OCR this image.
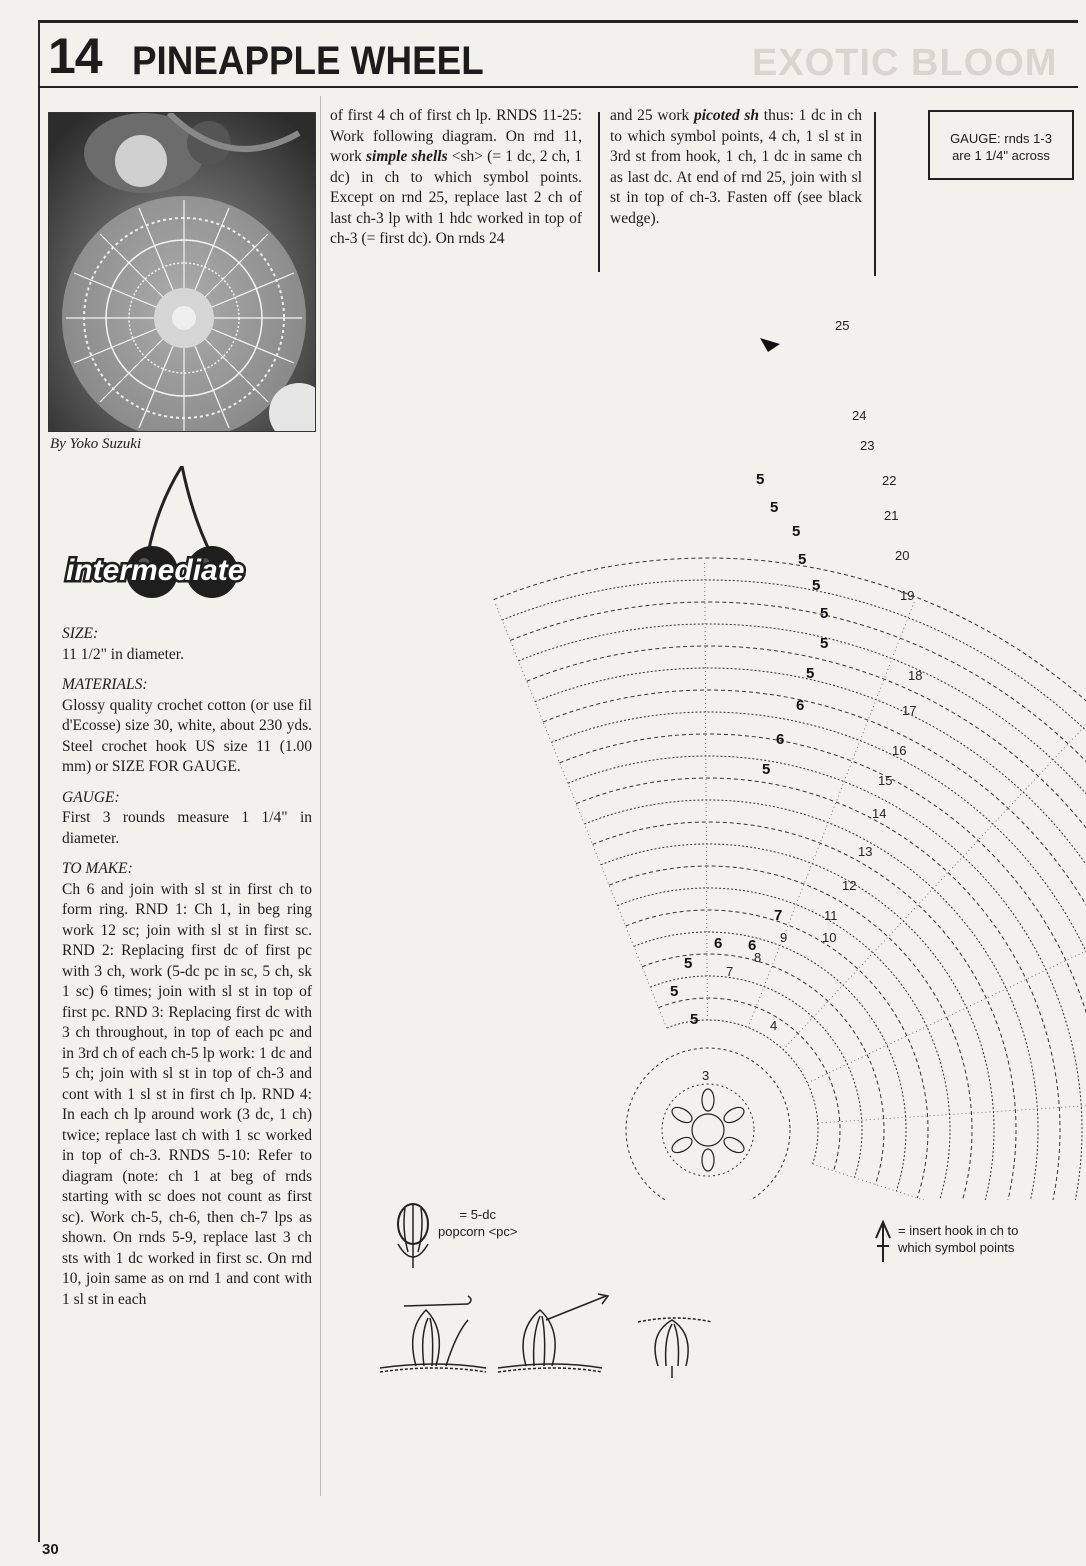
14 PINEAPPLE WHEEL	EXOTIC BLOOM
By Yoko Suzuki
intermediate
SIZE:

11 1/2" in diameter.

MATERIALS:

Glossy quality crochet cotton (or use fil d'Ecosse) size 30, white, about 230 yds. Steel crochet hook US size 11 (1.00 mm) or SIZE FOR GAUGE.

GAUGE:

First 3 rounds measure 1 1/4" in diameter.

TO MAKE:

Ch 6 and join with sl st in first ch to form ring. RND 1: Ch 1, in beg ring work 12 sc; join with sl st in first sc. RND 2: Replacing first dc of first pc with 3 ch, work (5-dc pc in sc, 5 ch, sk 1 sc) 6 times; join with sl st in top of first pc. RND 3: Replacing first dc with 3 ch throughout, in top of each pc and in 3rd ch of each ch-5 lp work: 1 dc and 5 ch; join with sl st in top of ch-3 and cont with 1 sl st in first ch lp. RND 4: In each ch lp around work (3 dc, 1 ch) twice; replace last ch with 1 sc worked in top of ch-3. RNDS 5-10: Refer to diagram (note: ch 1 at beg of rnds starting with sc does not count as first sc). Work ch-5, ch-6, then ch-7 lps as shown. On rnds 5-9, replace last 3 ch sts with 1 dc worked in first sc. On rnd 10, join same as on rnd 1 and cont with 1 sl st in each

of first 4 ch of first ch lp. RNDS 11-25: Work following diagram. On rnd 11, work simple shells <sh> (= 1 dc, 2 ch, 1 dc) in ch to which symbol points. Except on rnd 25, replace last 2 ch of last ch-3 lp with 1 hdc worked in top of ch-3 (= first dc). On rnds 24
and 25 work picoted sh thus: 1 dc in ch to which symbol points, 4 ch, 1 sl st in 3rd st from hook, 1 ch, 1 dc in same ch as last dc. At end of rnd 25, join with sl st in top of ch-3. Fasten off (see black wedge).
GAUGE: rnds 1-3
are 1 1/4" across
25
24
23
22
21
20
19
18
17
16
15
14
13
12
11
10
9
8
7
4
3
5
5
5
5
5
5
5
5
6
6
5
7
6
6
5
5
5
= 5-dc
popcorn <pc>	= insert hook in ch to
which symbol points
30
